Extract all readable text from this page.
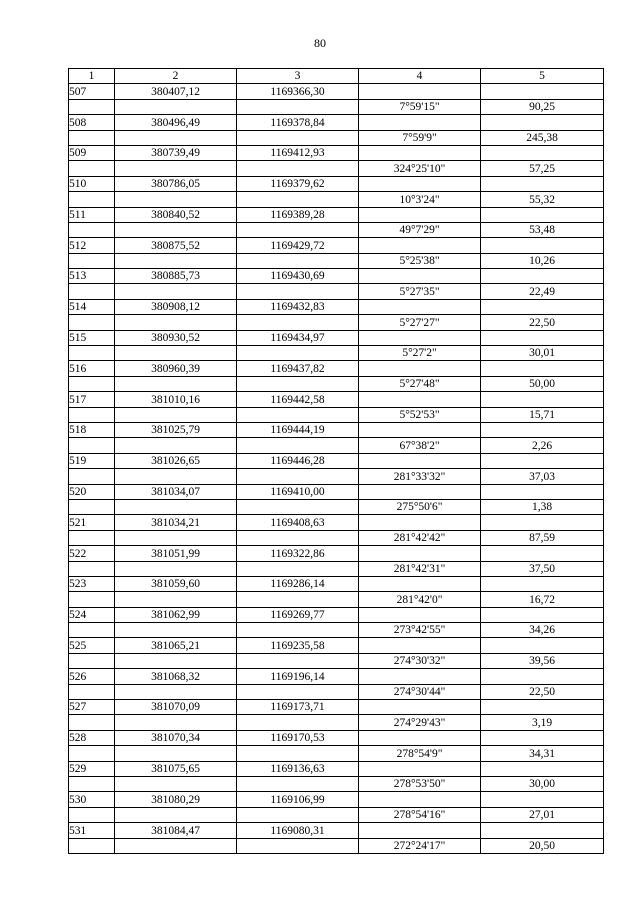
80
1	2	3	4	5
507	380407,12	1169366,30		
			7°59'15"	90,25
508	380496,49	1169378,84		
			7°59'9"	245,38
509	380739,49	1169412,93		
			324°25'10"	57,25
510	380786,05	1169379,62		
			10°3'24"	55,32
511	380840,52	1169389,28		
			49°7'29"	53,48
512	380875,52	1169429,72		
			5°25'38"	10,26
513	380885,73	1169430,69		
			5°27'35"	22,49
514	380908,12	1169432,83		
			5°27'27"	22,50
515	380930,52	1169434,97		
			5°27'2"	30,01
516	380960,39	1169437,82		
			5°27'48"	50,00
517	381010,16	1169442,58		
			5°52'53"	15,71
518	381025,79	1169444,19		
			67°38'2"	2,26
519	381026,65	1169446,28		
			281°33'32"	37,03
520	381034,07	1169410,00		
			275°50'6"	1,38
521	381034,21	1169408,63		
			281°42'42"	87,59
522	381051,99	1169322,86		
			281°42'31"	37,50
523	381059,60	1169286,14		
			281°42'0"	16,72
524	381062,99	1169269,77		
			273°42'55"	34,26
525	381065,21	1169235,58		
			274°30'32"	39,56
526	381068,32	1169196,14		
			274°30'44"	22,50
527	381070,09	1169173,71		
			274°29'43"	3,19
528	381070,34	1169170,53		
			278°54'9"	34,31
529	381075,65	1169136,63		
			278°53'50"	30,00
530	381080,29	1169106,99		
			278°54'16"	27,01
531	381084,47	1169080,31		
			272°24'17"	20,50
